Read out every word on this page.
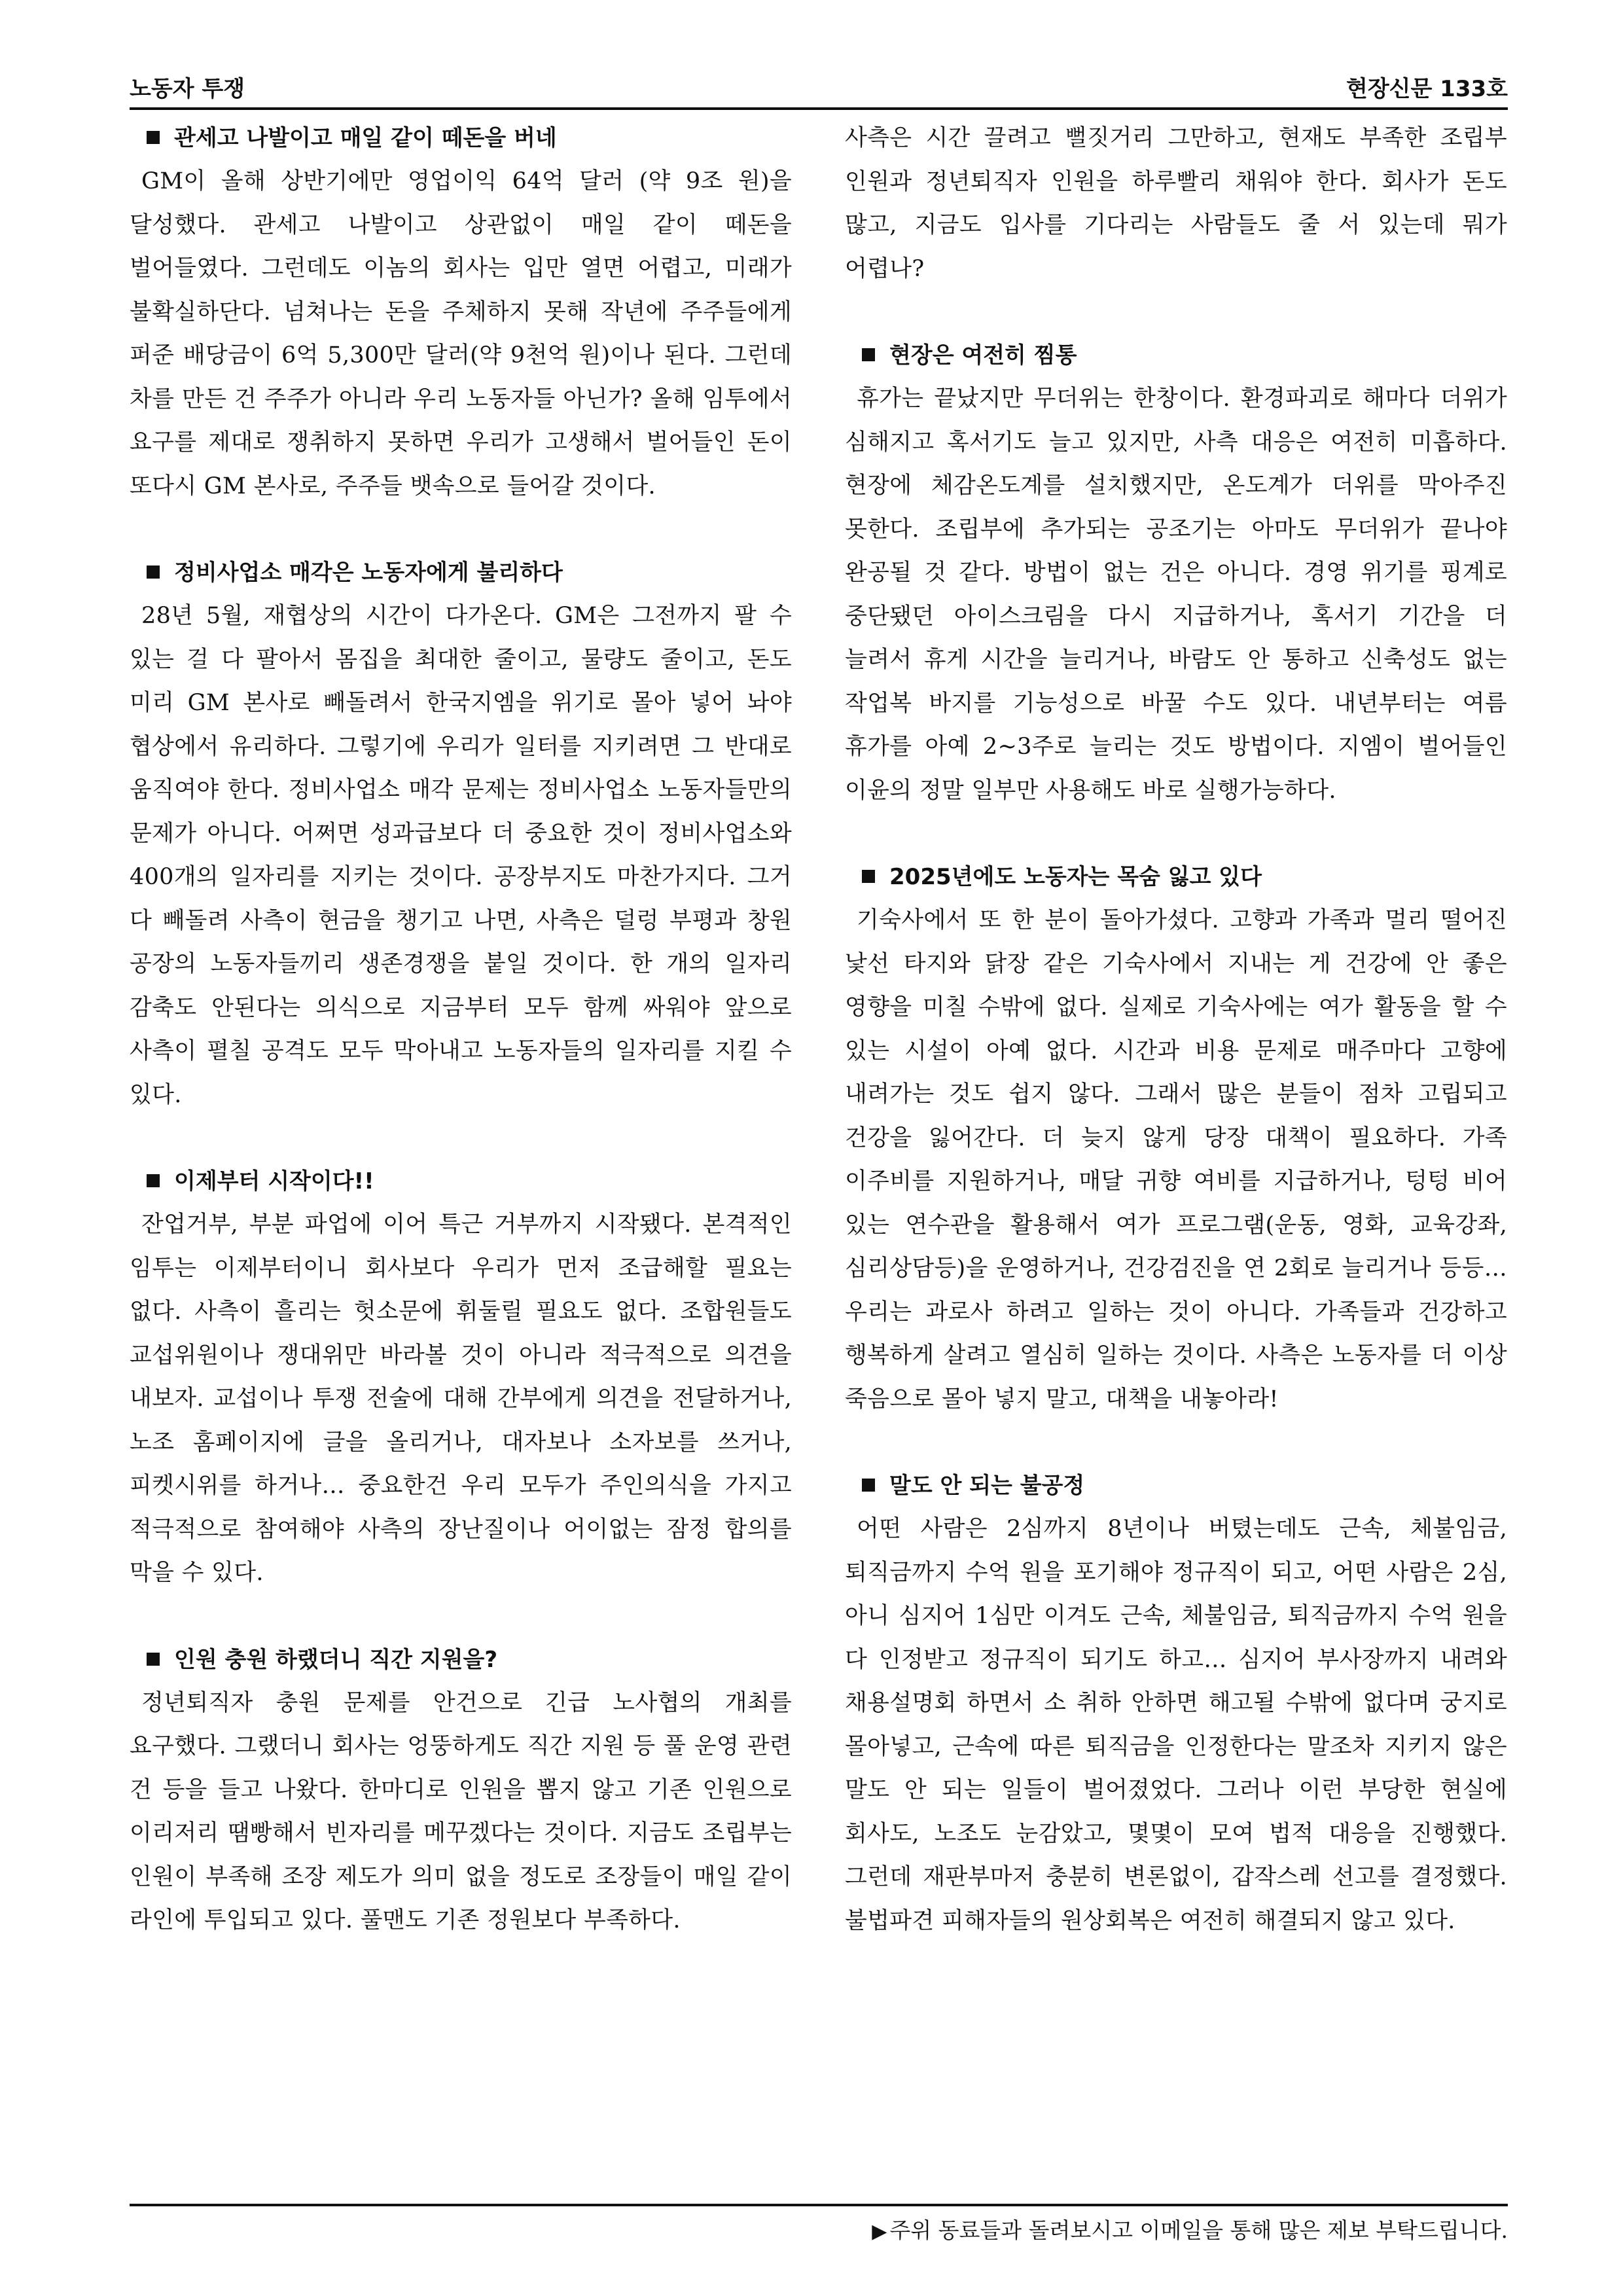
노동자 투쟁	현장신문 133호
관세고 나발이고 매일 같이 떼돈을 버네
GM이 올해 상반기에만 영업이익 64억 달러 (약 9조 원)을 달성했다. 관세고 나발이고 상관없이 매일 같이 떼돈을 벌어들였다. 그런데도 이놈의 회사는 입만 열면 어렵고, 미래가 불확실하단다. 넘쳐나는 돈을 주체하지 못해 작년에 주주들에게 퍼준 배당금이 6억 5,300만 달러(약 9천억 원)이나 된다. 그런데 차를 만든 건 주주가 아니라 우리 노동자들 아닌가? 올해 임투에서 요구를 제대로 쟁취하지 못하면 우리가 고생해서 벌어들인 돈이 또다시 GM 본사로, 주주들 뱃속으로 들어갈 것이다.
정비사업소 매각은 노동자에게 불리하다
28년 5월, 재협상의 시간이 다가온다. GM은 그전까지 팔 수 있는 걸 다 팔아서 몸집을 최대한 줄이고, 물량도 줄이고, 돈도 미리 GM 본사로 빼돌려서 한국지엠을 위기로 몰아 넣어 놔야 협상에서 유리하다. 그렇기에 우리가 일터를 지키려면 그 반대로 움직여야 한다. 정비사업소 매각 문제는 정비사업소 노동자들만의 문제가 아니다. 어쩌면 성과급보다 더 중요한 것이 정비사업소와 400개의 일자리를 지키는 것이다. 공장부지도 마찬가지다. 그거 다 빼돌려 사측이 현금을 챙기고 나면, 사측은 덜렁 부평과 창원 공장의 노동자들끼리 생존경쟁을 붙일 것이다. 한 개의 일자리 감축도 안된다는 의식으로 지금부터 모두 함께 싸워야 앞으로 사측이 펼칠 공격도 모두 막아내고 노동자들의 일자리를 지킬 수 있다.
이제부터 시작이다!!
잔업거부, 부분 파업에 이어 특근 거부까지 시작됐다. 본격적인 임투는 이제부터이니 회사보다 우리가 먼저 조급해할 필요는 없다. 사측이 흘리는 헛소문에 휘둘릴 필요도 없다. 조합원들도 교섭위원이나 쟁대위만 바라볼 것이 아니라 적극적으로 의견을 내보자. 교섭이나 투쟁 전술에 대해 간부에게 의견을 전달하거나, 노조 홈페이지에 글을 올리거나, 대자보나 소자보를 쓰거나, 피켓시위를 하거나… 중요한건 우리 모두가 주인의식을 가지고 적극적으로 참여해야 사측의 장난질이나 어이없는 잠정 합의를 막을 수 있다.
인원 충원 하랬더니 직간 지원을?
정년퇴직자 충원 문제를 안건으로 긴급 노사협의 개최를 요구했다. 그랬더니 회사는 엉뚱하게도 직간 지원 등 풀 운영 관련 건 등을 들고 나왔다. 한마디로 인원을 뽑지 않고 기존 인원으로 이리저리 땜빵해서 빈자리를 메꾸겠다는 것이다. 지금도 조립부는 인원이 부족해 조장 제도가 의미 없을 정도로 조장들이 매일 같이 라인에 투입되고 있다. 풀맨도 기존 정원보다 부족하다.
사측은 시간 끌려고 뻘짓거리 그만하고, 현재도 부족한 조립부 인원과 정년퇴직자 인원을 하루빨리 채워야 한다. 회사가 돈도 많고, 지금도 입사를 기다리는 사람들도 줄 서 있는데 뭐가 어렵나?
현장은 여전히 찜통
휴가는 끝났지만 무더위는 한창이다. 환경파괴로 해마다 더위가 심해지고 혹서기도 늘고 있지만, 사측 대응은 여전히 미흡하다. 현장에 체감온도계를 설치했지만, 온도계가 더위를 막아주진 못한다. 조립부에 추가되는 공조기는 아마도 무더위가 끝나야 완공될 것 같다. 방법이 없는 건은 아니다. 경영 위기를 핑계로 중단됐던 아이스크림을 다시 지급하거나, 혹서기 기간을 더 늘려서 휴게 시간을 늘리거나, 바람도 안 통하고 신축성도 없는 작업복 바지를 기능성으로 바꿀 수도 있다. 내년부터는 여름 휴가를 아예 2~3주로 늘리는 것도 방법이다. 지엠이 벌어들인 이윤의 정말 일부만 사용해도 바로 실행가능하다.
2025년에도 노동자는 목숨 잃고 있다
기숙사에서 또 한 분이 돌아가셨다. 고향과 가족과 멀리 떨어진 낯선 타지와 닭장 같은 기숙사에서 지내는 게 건강에 안 좋은 영향을 미칠 수밖에 없다. 실제로 기숙사에는 여가 활동을 할 수 있는 시설이 아예 없다. 시간과 비용 문제로 매주마다 고향에 내려가는 것도 쉽지 않다. 그래서 많은 분들이 점차 고립되고 건강을 잃어간다. 더 늦지 않게 당장 대책이 필요하다. 가족 이주비를 지원하거나, 매달 귀향 여비를 지급하거나, 텅텅 비어 있는 연수관을 활용해서 여가 프로그램(운동, 영화, 교육강좌, 심리상담등)을 운영하거나, 건강검진을 연 2회로 늘리거나 등등… 우리는 과로사 하려고 일하는 것이 아니다. 가족들과 건강하고 행복하게 살려고 열심히 일하는 것이다. 사측은 노동자를 더 이상 죽음으로 몰아 넣지 말고, 대책을 내놓아라!
말도 안 되는 불공정
어떤 사람은 2심까지 8년이나 버텼는데도 근속, 체불임금, 퇴직금까지 수억 원을 포기해야 정규직이 되고, 어떤 사람은 2심, 아니 심지어 1심만 이겨도 근속, 체불임금, 퇴직금까지 수억 원을 다 인정받고 정규직이 되기도 하고… 심지어 부사장까지 내려와 채용설명회 하면서 소 취하 안하면 해고될 수밖에 없다며 궁지로 몰아넣고, 근속에 따른 퇴직금을 인정한다는 말조차 지키지 않은 말도 안 되는 일들이 벌어졌었다. 그러나 이런 부당한 현실에 회사도, 노조도 눈감았고, 몇몇이 모여 법적 대응을 진행했다. 그런데 재판부마저 충분히 변론없이, 갑작스레 선고를 결정했다. 불법파견 피해자들의 원상회복은 여전히 해결되지 않고 있다.
▶ 주위 동료들과 돌려보시고 이메일을 통해 많은 제보 부탁드립니다.
